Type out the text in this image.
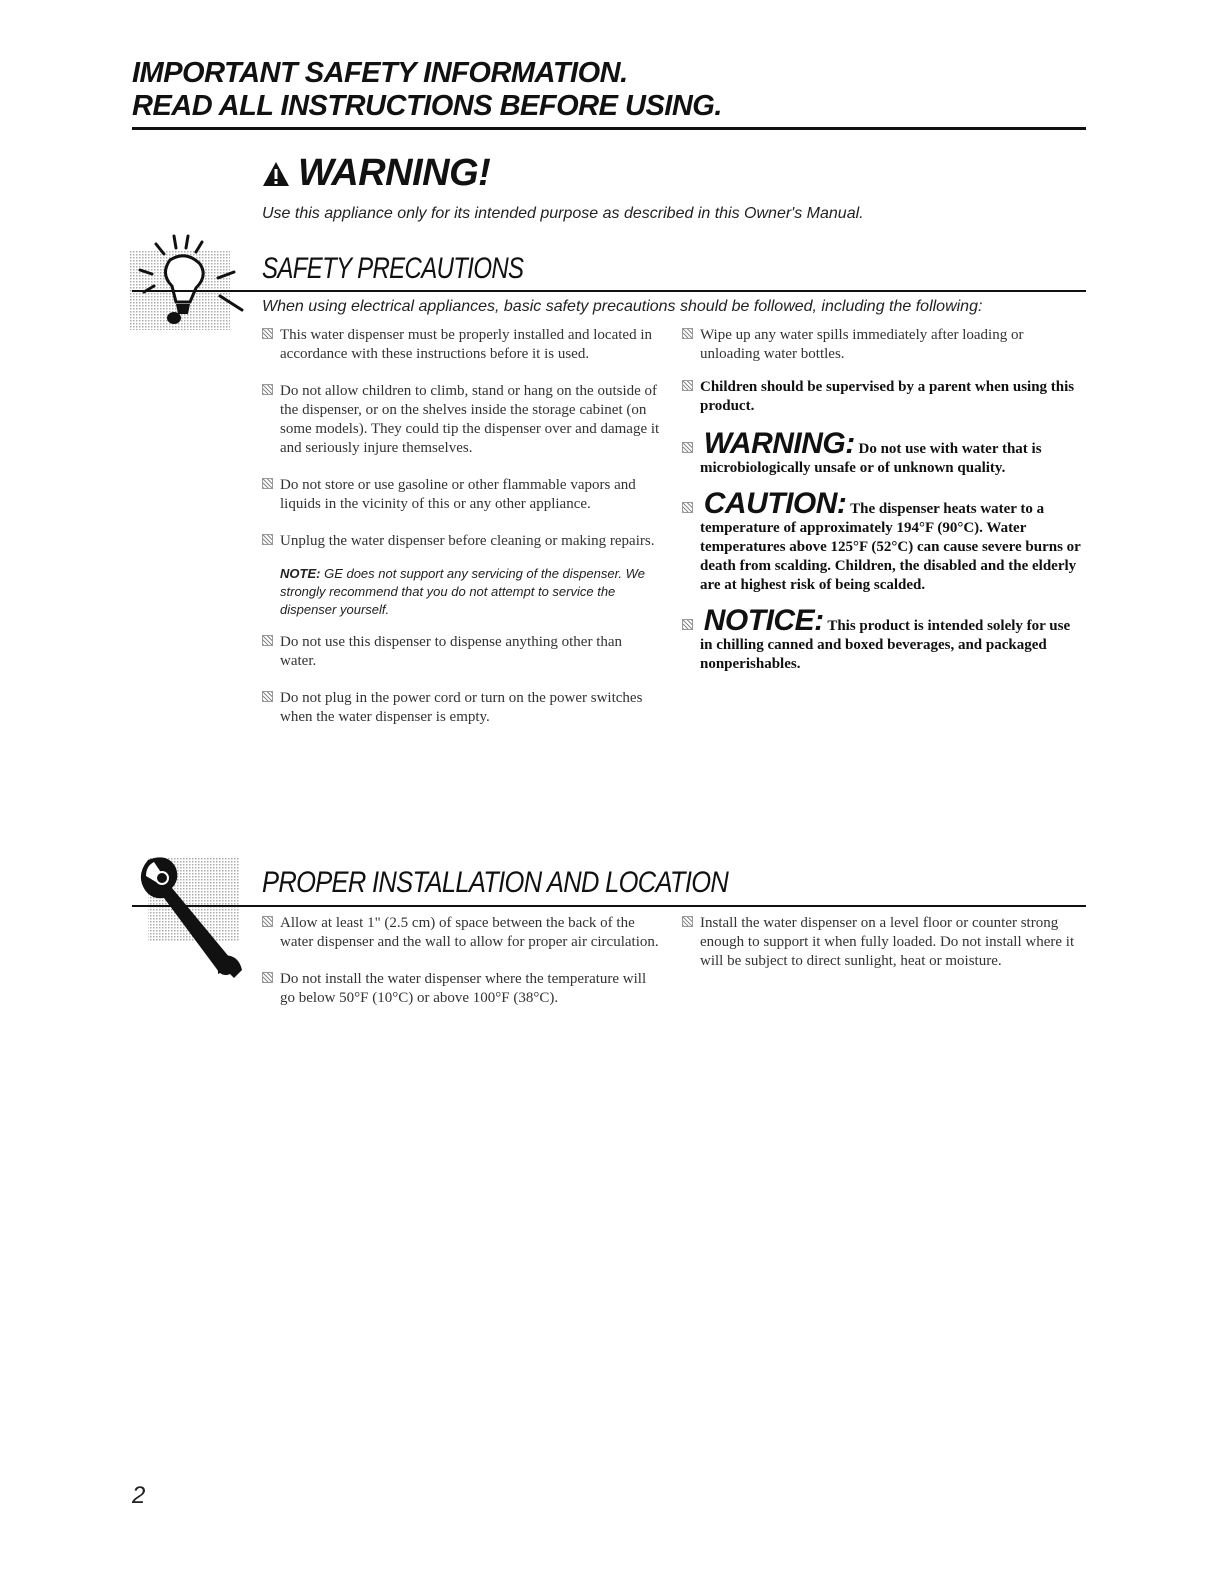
IMPORTANT SAFETY INFORMATION.
READ ALL INSTRUCTIONS BEFORE USING.
WARNING!
Use this appliance only for its intended purpose as described in this Owner's Manual.
SAFETY PRECAUTIONS
When using electrical appliances, basic safety precautions should be followed, including the following:

This water dispenser must be properly installed and located in accordance with these instructions before it is used.

Do not allow children to climb, stand or hang on the outside of the dispenser, or on the shelves inside the storage cabinet (on some models). They could tip the dispenser over and damage it and seriously injure themselves.

Do not store or use gasoline or other flammable vapors and liquids in the vicinity of this or any other appliance.

Unplug the water dispenser before cleaning or making repairs.

NOTE: GE does not support any servicing of the dispenser. We strongly recommend that you do not attempt to service the dispenser yourself.

Do not use this dispenser to dispense anything other than water.

Do not plug in the power cord or turn on the power switches when the water dispenser is empty.

Wipe up any water spills immediately after loading or unloading water bottles.

Children should be supervised by a parent when using this product.

WARNING: Do not use with water that is microbiologically unsafe or of unknown quality.

CAUTION: The dispenser heats water to a temperature of approximately 194°F (90°C). Water temperatures above 125°F (52°C) can cause severe burns or death from scalding. Children, the disabled and the elderly are at highest risk of being scalded.

NOTICE: This product is intended solely for use in chilling canned and boxed beverages, and packaged nonperishables.

PROPER INSTALLATION AND LOCATION

Allow at least 1" (2.5 cm) of space between the back of the water dispenser and the wall to allow for proper air circulation.

Do not install the water dispenser where the temperature will go below 50°F (10°C) or above 100°F (38°C).

Install the water dispenser on a level floor or counter strong enough to support it when fully loaded. Do not install where it will be subject to direct sunlight, heat or moisture.

2
